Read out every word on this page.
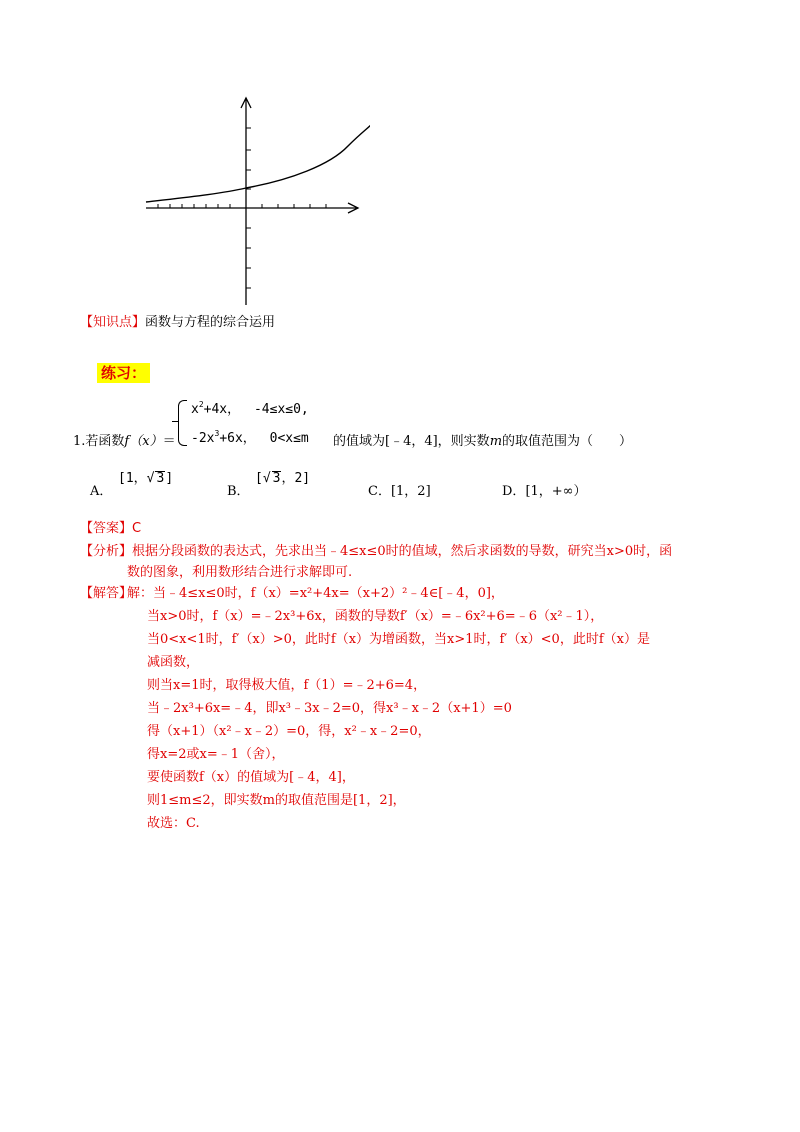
【知识点】函数与方程的综合运用
练习：
$x^2+4x$， -4≤x≤0,
$-2x^3+6x$， 0<x≤m
1.若函数f（x）＝	的值域为[﹣4，4]，则实数m的取值范围为（　　）
[1，√ 3]
A．
[√ 3，2]
B．	C．[1，2]	D．[1，+∞）
【答案】C
【分析】根据分段函数的表达式，先求出当﹣4≤x≤0时的值域，然后求函数的导数，研究当x>0时，函
数的图象，利用数形结合进行求解即可.
【解答】
解：当﹣4≤x≤0时，f（x）=x²+4x=（x+2）²﹣4∈[﹣4，0]，
当x>0时，f（x）=﹣2x³+6x，函数的导数f′（x）=﹣6x²+6=﹣6（x²﹣1），
当0<x<1时，f′（x）>0，此时f（x）为增函数，当x>1时，f′（x）<0，此时f（x）是
减函数，
则当x=1时，取得极大值，f（1）=﹣2+6=4，
当﹣2x³+6x=﹣4，即x³﹣3x﹣2=0，得x³﹣x﹣2（x+1）=0
得（x+1）（x²﹣x﹣2）=0，得，x²﹣x﹣2=0，
得x=2或x=﹣1（舍），
要使函数f（x）的值域为[﹣4，4]，
则1≤m≤2，即实数m的取值范围是[1，2]，
故选：C.
